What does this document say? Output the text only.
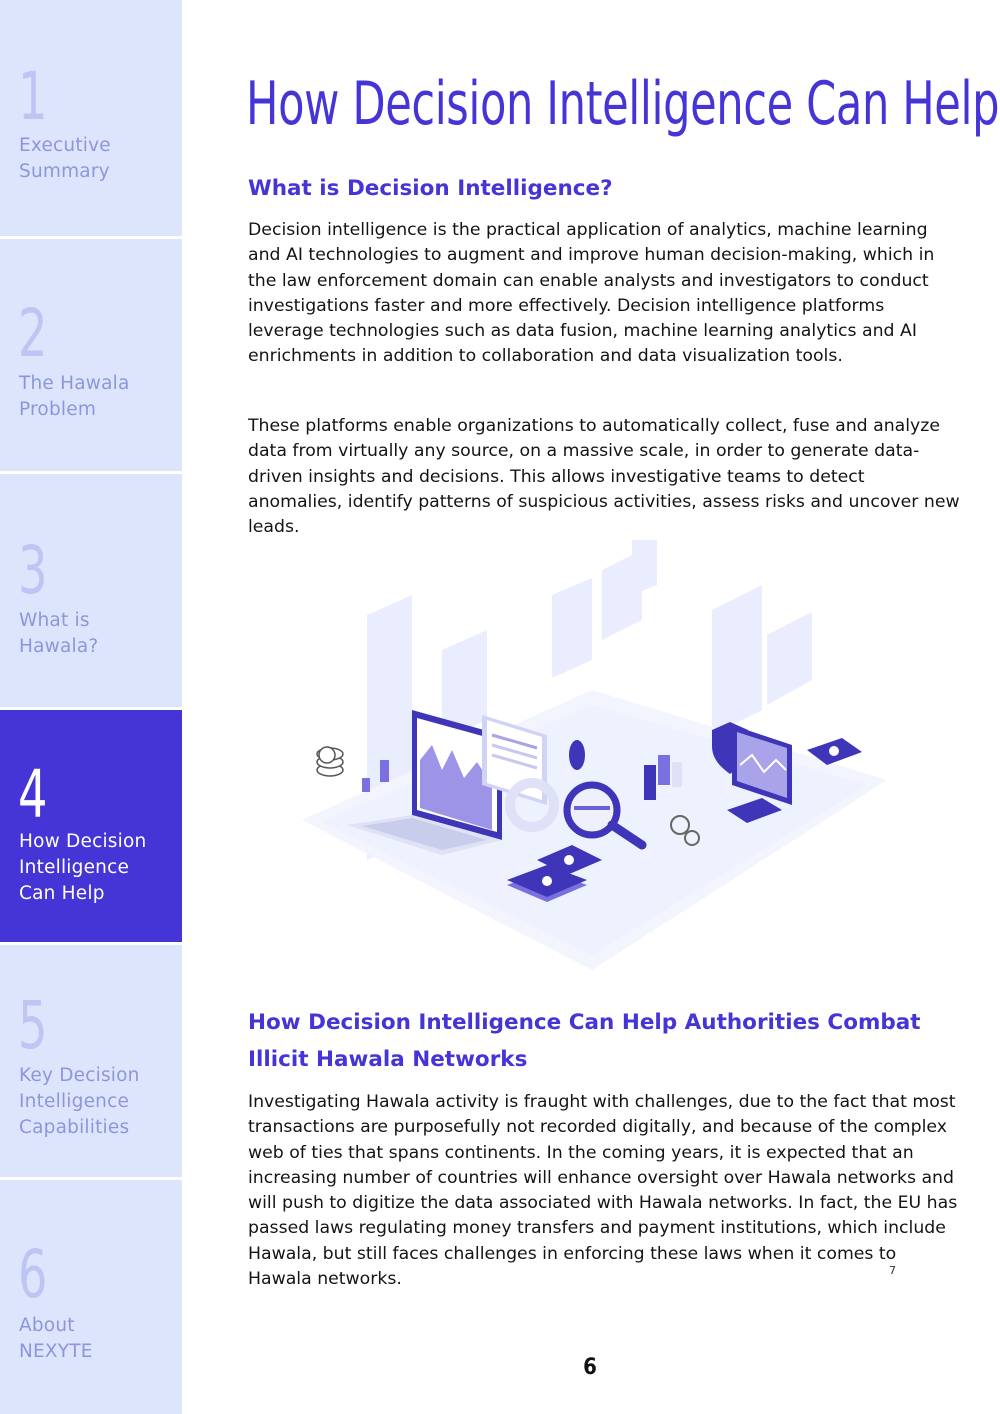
1
Executive Summary
2
The Hawala Problem
3
What is Hawala?
4
How Decision Intelligence Can Help
5
Key Decision Intelligence Capabilities
6
About NEXYTE
How Decision Intelligence Can Help
What is Decision Intelligence?

Decision intelligence is the practical application of analytics, machine learning and AI technologies to augment and improve human decision-making, which in the law enforcement domain can enable analysts and investigators to conduct investigations faster and more effectively. Decision intelligence platforms leverage technologies such as data fusion, machine learning analytics and AI enrichments in addition to collaboration and data visualization tools.

These platforms enable organizations to automatically collect, fuse and analyze data from virtually any source, on a massive scale, in order to generate data-driven insights and decisions. This allows investigative teams to detect anomalies, identify patterns of suspicious activities, assess risks and uncover new leads.

How Decision Intelligence Can Help Authorities Combat Illicit Hawala Networks

Investigating Hawala activity is fraught with challenges, due to the fact that most transactions are purposefully not recorded digitally, and because of the complex web of ties that spans continents. In the coming years, it is expected that an increasing number of countries will enhance oversight over Hawala networks and will push to digitize the data associated with Hawala networks. In fact, the EU has passed laws regulating money transfers and payment institutions, which include Hawala, but still faces challenges in enforcing these laws when it comes to Hawala networks.	7
6
